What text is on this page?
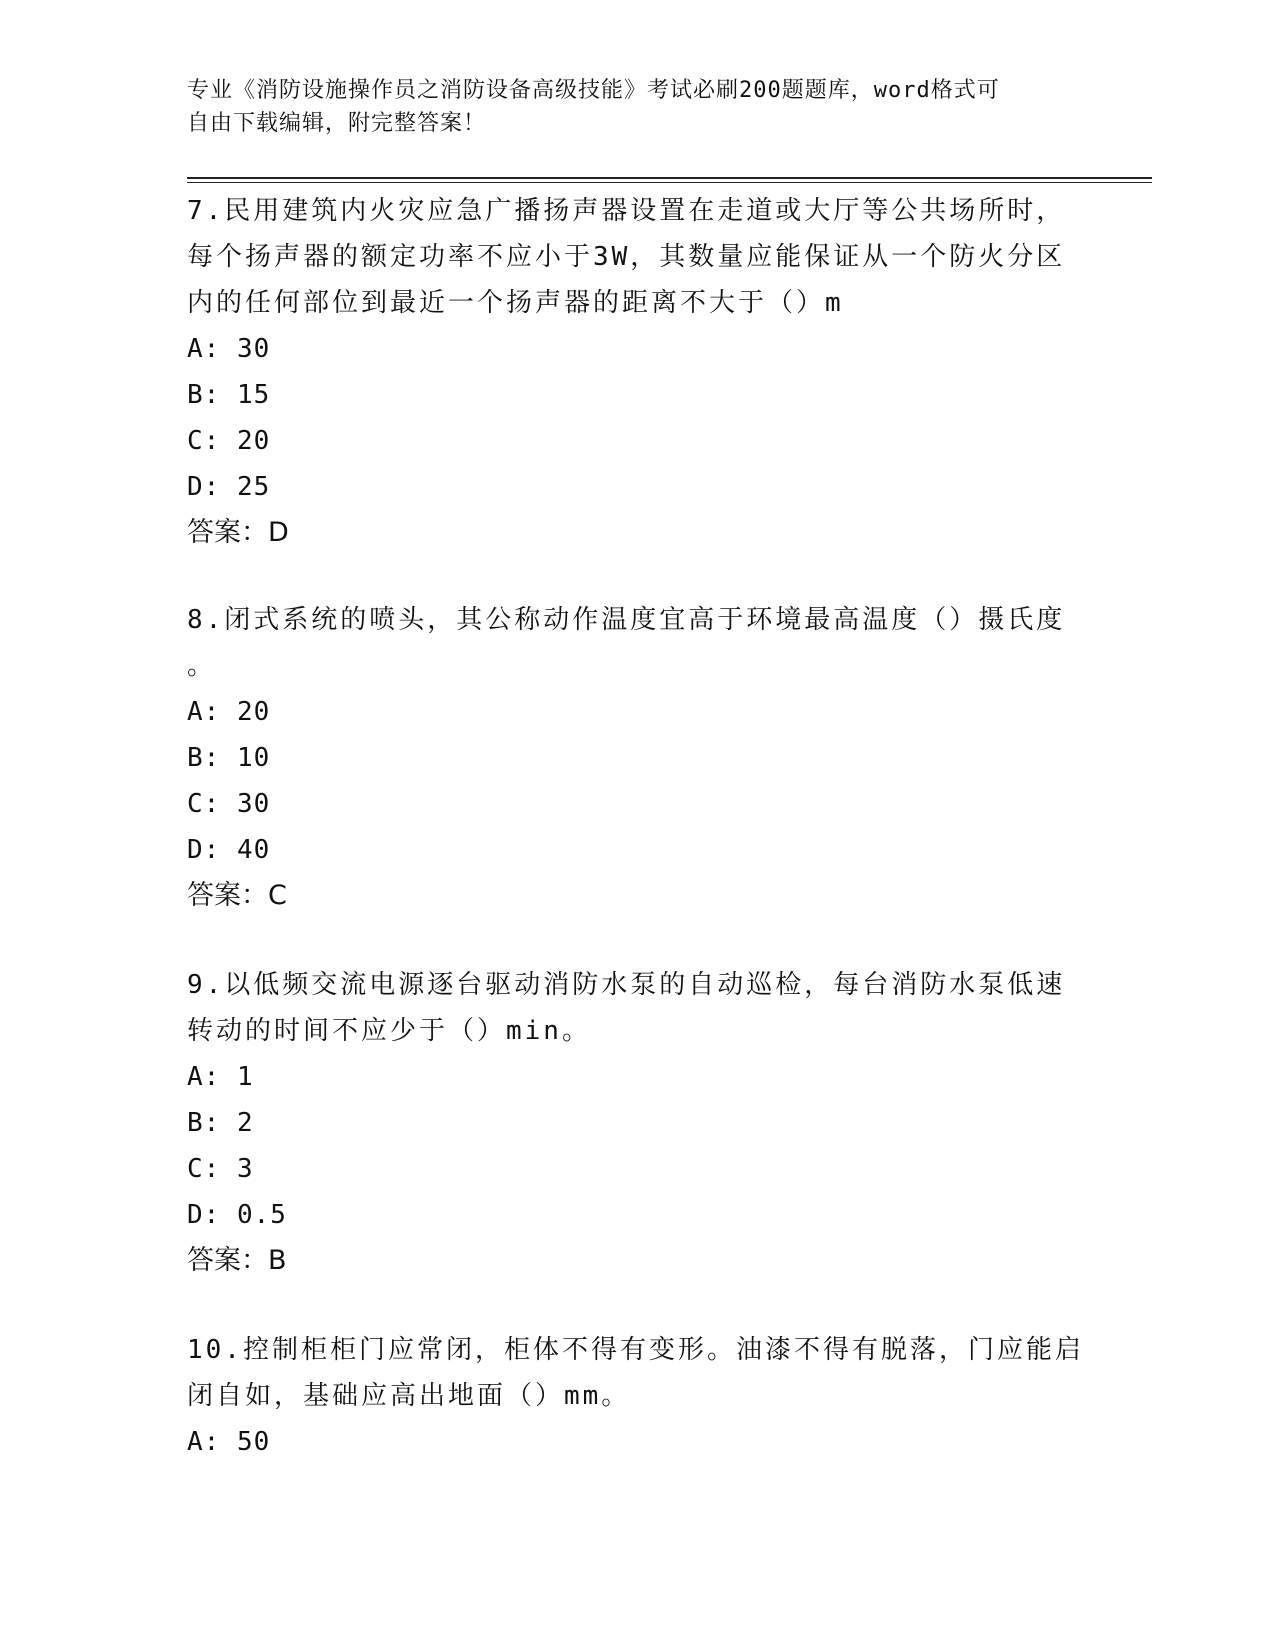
专业《消防设施操作员之消防设备高级技能》考试必刷200题题库，word格式可
自由下载编辑，附完整答案！

7.民用建筑内火灾应急广播扬声器设置在走道或大厅等公共场所时，

每个扬声器的额定功率不应小于3W，其数量应能保证从一个防火分区

内的任何部位到最近一个扬声器的距离不大于（）m

A: 30

B: 15

C: 20

D: 25

答案：D

8.闭式系统的喷头，其公称动作温度宜高于环境最高温度（）摄氏度

。

A: 20

B: 10

C: 30

D: 40

答案：C

9.以低频交流电源逐台驱动消防水泵的自动巡检，每台消防水泵低速

转动的时间不应少于（）min。

A: 1

B: 2

C: 3

D: 0.5

答案：B

10.控制柜柜门应常闭，柜体不得有变形。油漆不得有脱落，门应能启

闭自如，基础应高出地面（）mm。

A: 50
